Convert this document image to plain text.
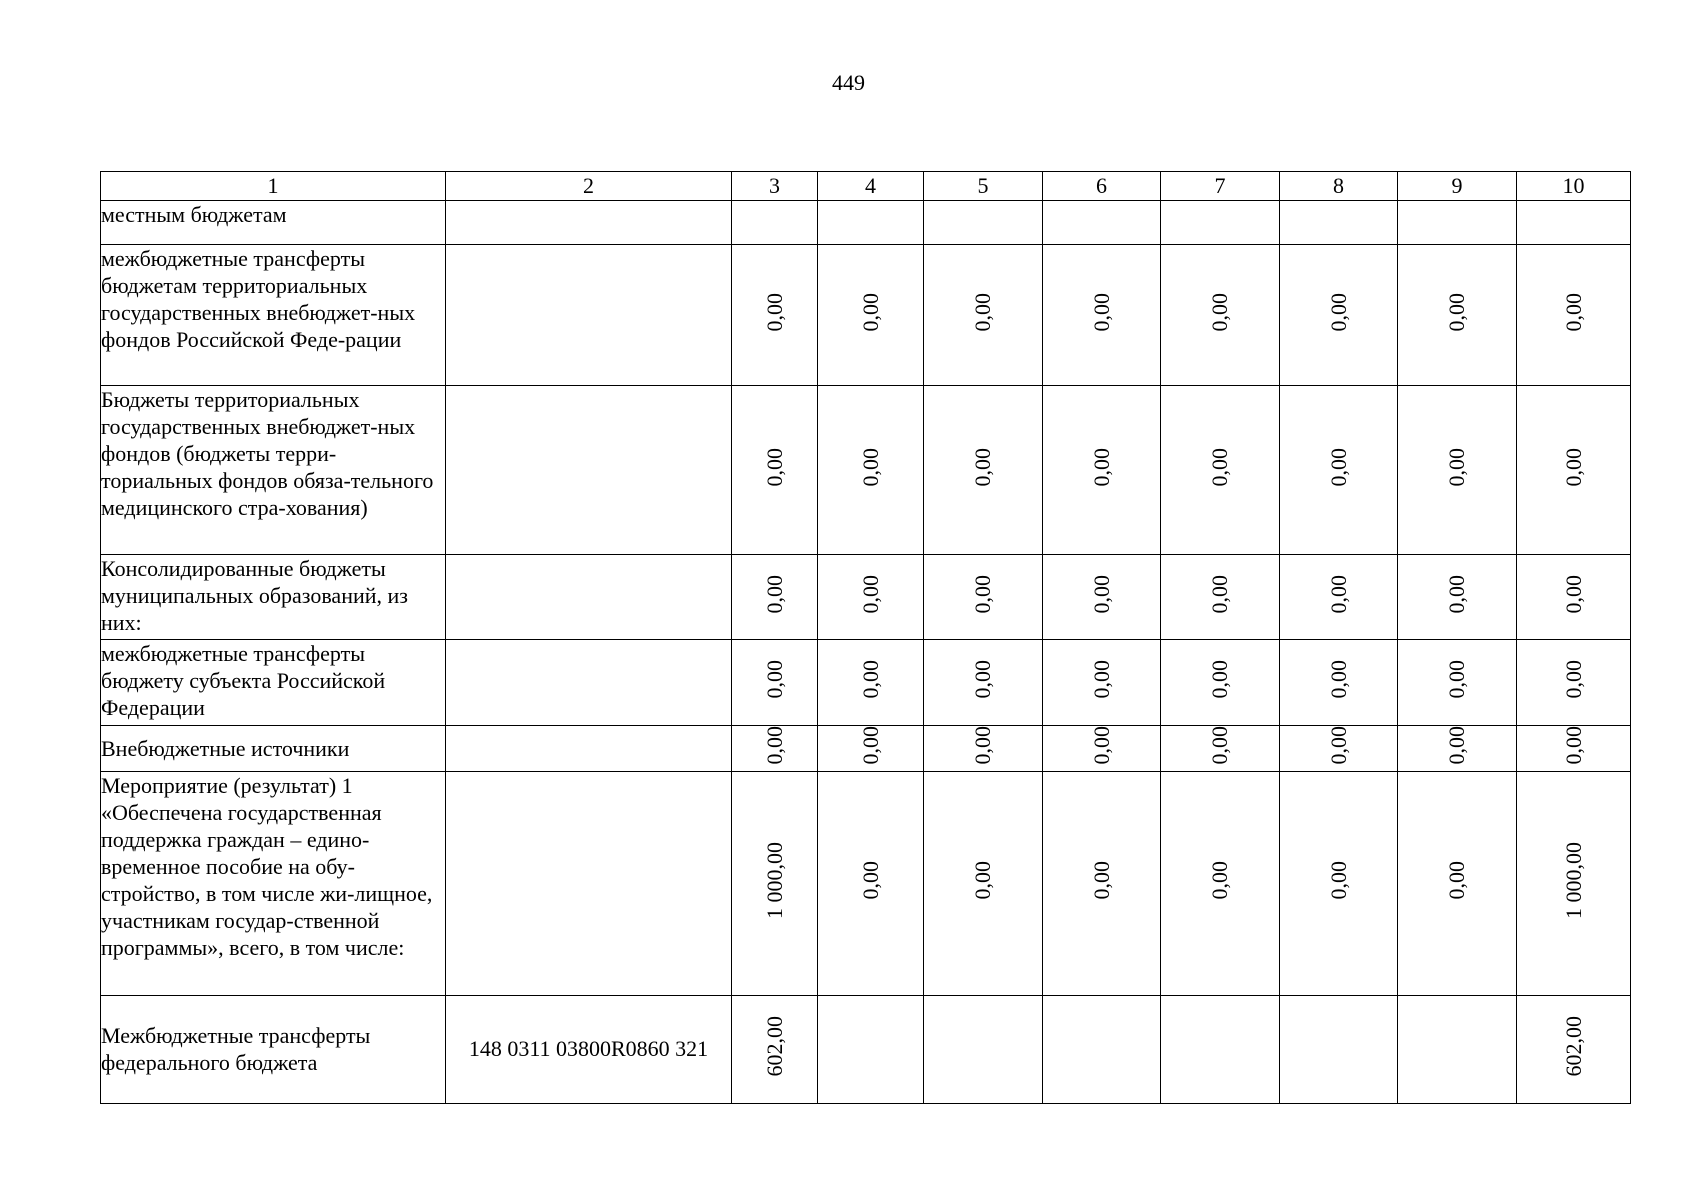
449
1	2	3	4	5	6	7	8	9	10
местным бюджетам									
межбюджетные трансферты бюджетам территориальных государственных внебюджет-ных фондов Российской Феде-рации		0,00	0,00	0,00	0,00	0,00	0,00	0,00	0,00
Бюджеты территориальных государственных внебюджет-ных фондов (бюджеты терри-ториальных фондов обяза-тельного медицинского стра-хования)		0,00	0,00	0,00	0,00	0,00	0,00	0,00	0,00
Консолидированные бюджеты муниципальных образований, из них:		0,00	0,00	0,00	0,00	0,00	0,00	0,00	0,00
межбюджетные трансферты бюджету субъекта Российской Федерации		0,00	0,00	0,00	0,00	0,00	0,00	0,00	0,00
Внебюджетные источники		0,00	0,00	0,00	0,00	0,00	0,00	0,00	0,00
Мероприятие (результат) 1 «Обеспечена государственная поддержка граждан – едино-временное пособие на обу-стройство, в том числе жи-лищное, участникам государ-ственной программы», всего, в том числе:		1 000,00	0,00	0,00	0,00	0,00	0,00	0,00	1 000,00
Межбюджетные трансферты федерального бюджета	148 0311 03800R0860 321	602,00							602,00
